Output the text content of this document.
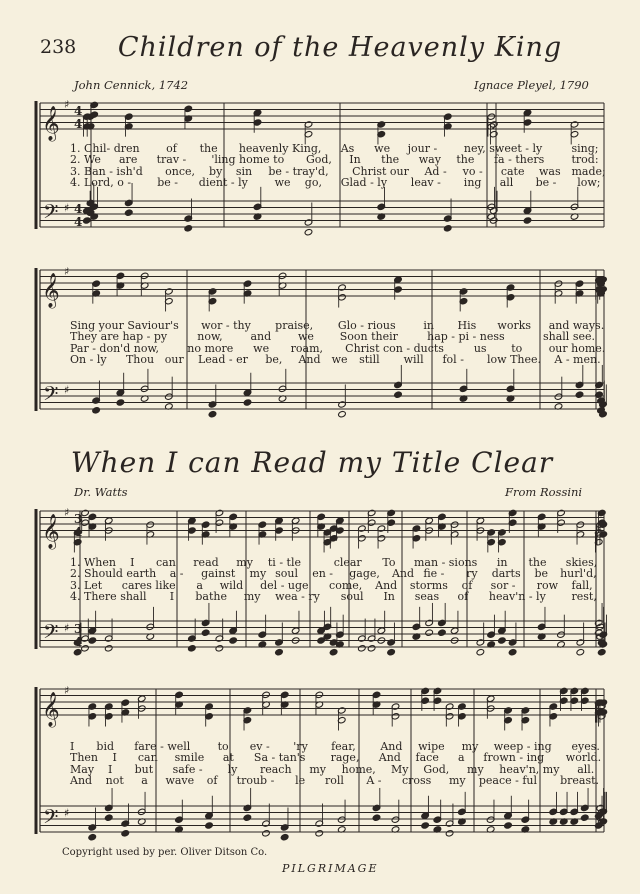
𝄞
𝄢
♯
♯
4
4
4
4
𝄞
𝄢
♯
♯
𝄞
𝄢
♯
♯
3
3
𝄞
𝄢
♯
♯
238	Children of the Heavenly King
John Cennick, 1742	Ignace Pleyel, 1790
1. Chil- dren of the heavenly King, As we jour - ney, sweet - ly	sing;
2. We are trav - 'ling home to God, In the way the fa - thers trod:
3. Ban - ish'd once, by sin be - tray'd, Christ our Ad - vo - cate was made;
4. Lord, o - be - dient - ly we go, Glad - ly leav - ing all be - low;
Sing your Saviour's wor - thy praise, Glo - rious	in His works and ways.
They are hap - py	now,	and we Soon their	hap - pi - ness	shall see.
Par - don'd now,	no more we roam, Christ con - ducts	us to our home.
On - ly Thou our Lead - er be, And we still will fol - low Thee. A - men.
When I can Read my Title Clear
Dr. Watts	From Rossini
1. When I can read my ti - tle	clear To man - sions in the skies,
2. Should earth a - gainst my soul en - gage, And fie - ry darts be hurl'd,
3. Let cares like a wild del - uge come, And storms of sor - row fall,
4. There shall I bathe my wea - ry soul In seas of heav'n - ly rest,
I bid fare - well to ev - 'ry fear, And wipe my weep - ing eyes.
Then I can smile at Sa - tan's rage, And face a frown - ing world.
May I but safe - ly reach my home, My God, my heav'n, my all.
And not a wave of troub - le roll A - cross my peace - ful breast.
Copyright used by per. Oliver Ditson Co.
PILGRIMAGE
